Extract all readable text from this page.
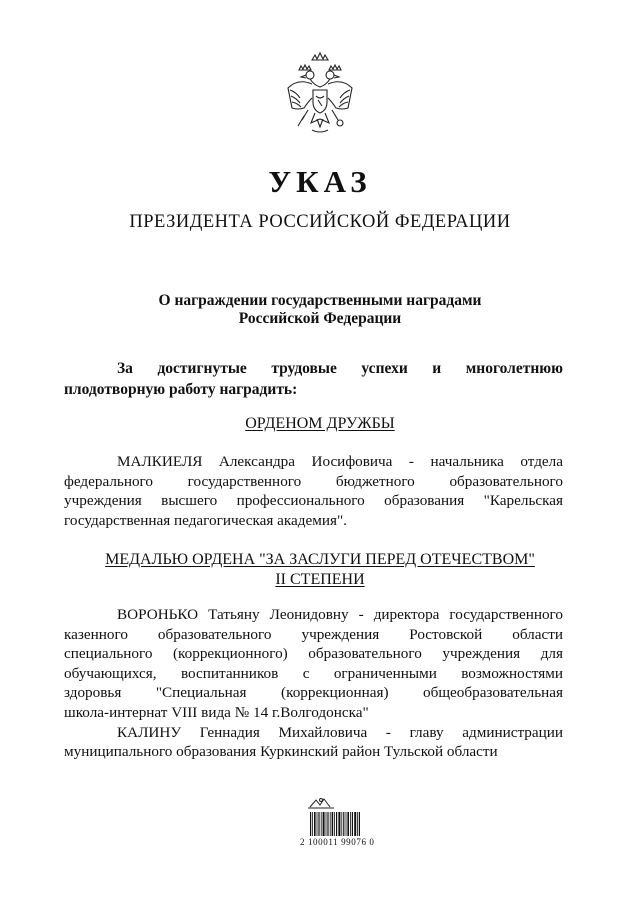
УКАЗ
ПРЕЗИДЕНТА РОССИЙСКОЙ ФЕДЕРАЦИИ
О награждении государственными наградами
Российской Федерации
За достигнутые трудовые успехи и многолетнюю
плодотворную работу наградить:
ОРДЕНОМ ДРУЖБЫ
МАЛКИЕЛЯ Александра Иосифовича - начальника отдела
федерального государственного бюджетного образовательного
учреждения высшего профессионального образования "Карельская
государственная педагогическая академия".
МЕДАЛЬЮ ОРДЕНА "ЗА ЗАСЛУГИ ПЕРЕД ОТЕЧЕСТВОМ"
II СТЕПЕНИ
ВОРОНЬКО Татьяну Леонидовну - директора государственного
казенного образовательного учреждения Ростовской области
специального (коррекционного) образовательного учреждения для
обучающихся, воспитанников с ограниченными возможностями
здоровья "Специальная (коррекционная) общеобразовательная
школа-интернат VIII вида № 14 г.Волгодонска"
КАЛИНУ Геннадия Михайловича - главу администрации
муниципального образования Куркинский район Тульской области
2 100011 99076 0
